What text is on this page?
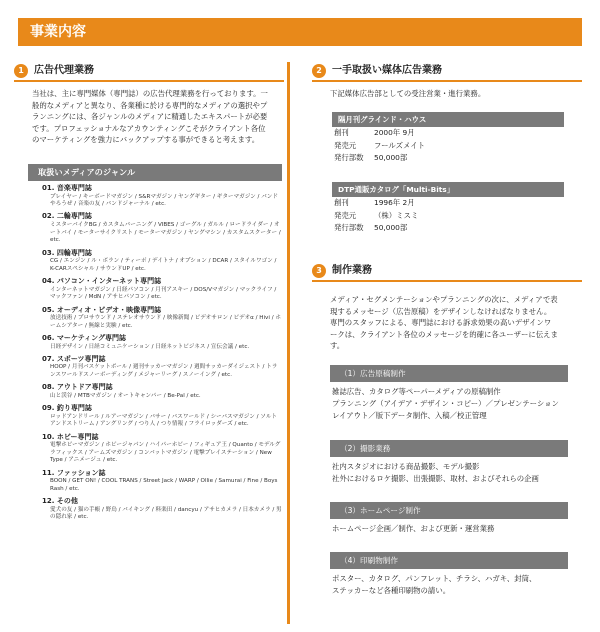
事業内容
1	広告代理業務

当社は、主に専門媒体（専門誌）の広告代理業務を行っております。一般的なメディアと異なり、各業種に於ける専門的なメディアの選択やプランニングには、各ジャンルのメディアに精通したエキスパートが必要です。プロフェッショナルなアカウンティングこそがクライアント各位のマーケティングを強力にバックアップする事ができると考えます。

取扱いメディアのジャンル
01. 音楽専門誌
プレイヤー / キーボードマガジン / S&Rマガジン / ヤングギター / ギターマガジン / バンドやろうぜ / 音楽の友 / バンドジャーナル / etc.
02. 二輪専門誌
ミスターバイクBG / カスタムバーニング / VIBES / ゴーグル / ガルル / ロードライダー / オートバイ / モーターサイクリスト / モーターマガジン / ヤングマシン / カスタムスクーター / etc.
03. 四輪専門誌
CG / エンジン / ル・ボラン / ティーポ / デイトナ / オプション / DCAR / スタイルワゴン / K-CARスペシャル / サウンドUP / etc.
04. パソコン・インターネット専門誌
インターネットマガジン / 日経パソコン / 月刊アスキー / DOS/Vマガジン / マックライフ / マックファン / MdN / アサヒパソコン / etc.
05. オーディオ・ビデオ・映像専門誌
放送技術 / プロサウンド / ステレオサウンド / 映像新聞 / ビデオサロン / ビデオα / Hivi / ホームシアター / 無線と実験 / etc.
06. マーケティング専門誌
日経デザイン / 日経コミュニケーション / 日経ネットビジネス / 宣伝会議 / etc.
07. スポーツ専門誌
HOOP / 月刊バスケットボール / 週刊サッカーマガジン / 週間サッカーダイジェスト / トランスワールドスノーボーディング / メジャーリーグ / スノーイング / etc.
08. アウトドア専門誌
山と渓谷 / MTBマガジン / オートキャンパー / Be-Pal / etc.
09. 釣り専門誌
ロッドアンドリール / ルアーマガジン / バサー / バスワールド / シーバスマガジン / ソルトアンドストリーム / アングリング / つり人 / つり情報 / フライロッダーズ / etc.
10. ホビー専門誌
電撃ホビーマガジン / ホビージャパン / ハイパーホビー / フィギュア王 / Quanto / モデルグラフィックス / アームズマガジン / コンバットマガジン / 電撃プレイステーション / New Type / アニメージュ / etc.
11. ファッション誌
BOON / GET ON! / COOL TRANS / Street Jack / WARP / Ollie / Samurai / Fine / Boys Rash / etc.
12. その他
愛犬の友 / 猫の手帳 / 野鳥 / バイキング / 料楽田 / dancyu / アサヒカメラ / 日本カメラ / 男の隠れ家 / etc.
2	一手取扱い媒体広告業務

下記媒体広告部としての受注営業・進行業務。

隔月刊グラインド・ハウス
創刊	2000年 9月
発売元	フールズメイト
発行部数	50,000部
DTP通販カタログ「Multi-Bits」
創刊	1996年 2月
発売元	（株）ミスミ
発行部数	50,000部
3	制作業務

メディア・セグメンテーションやプランニングの次に、メディアで表現するメッセージ（広告原稿）をデザインしなければなりません。専門のスタッフによる、専門誌における訴求効果の高いデザインワークは、クライアント各位のメッセージを的確に各ユーザーに伝えます。

（1）広告原稿制作
雑誌広告、カタログ等ペーパーメディアの原稿制作
プランニング（アイデア・デザイン・コピー）／プレゼンテーション
レイアウト／版下データ制作、入稿／校正管理
（2）撮影業務
社内スタジオにおける商品撮影、モデル撮影
社外におけるロケ撮影、出張撮影、取材、およびそれらの企画
（3）ホームページ制作
ホームページ企画／制作、および更新・運営業務
（4）印刷物制作
ポスター、カタログ、パンフレット、チラシ、ハガキ、封筒、
ステッカーなど各種印刷物の請い。
